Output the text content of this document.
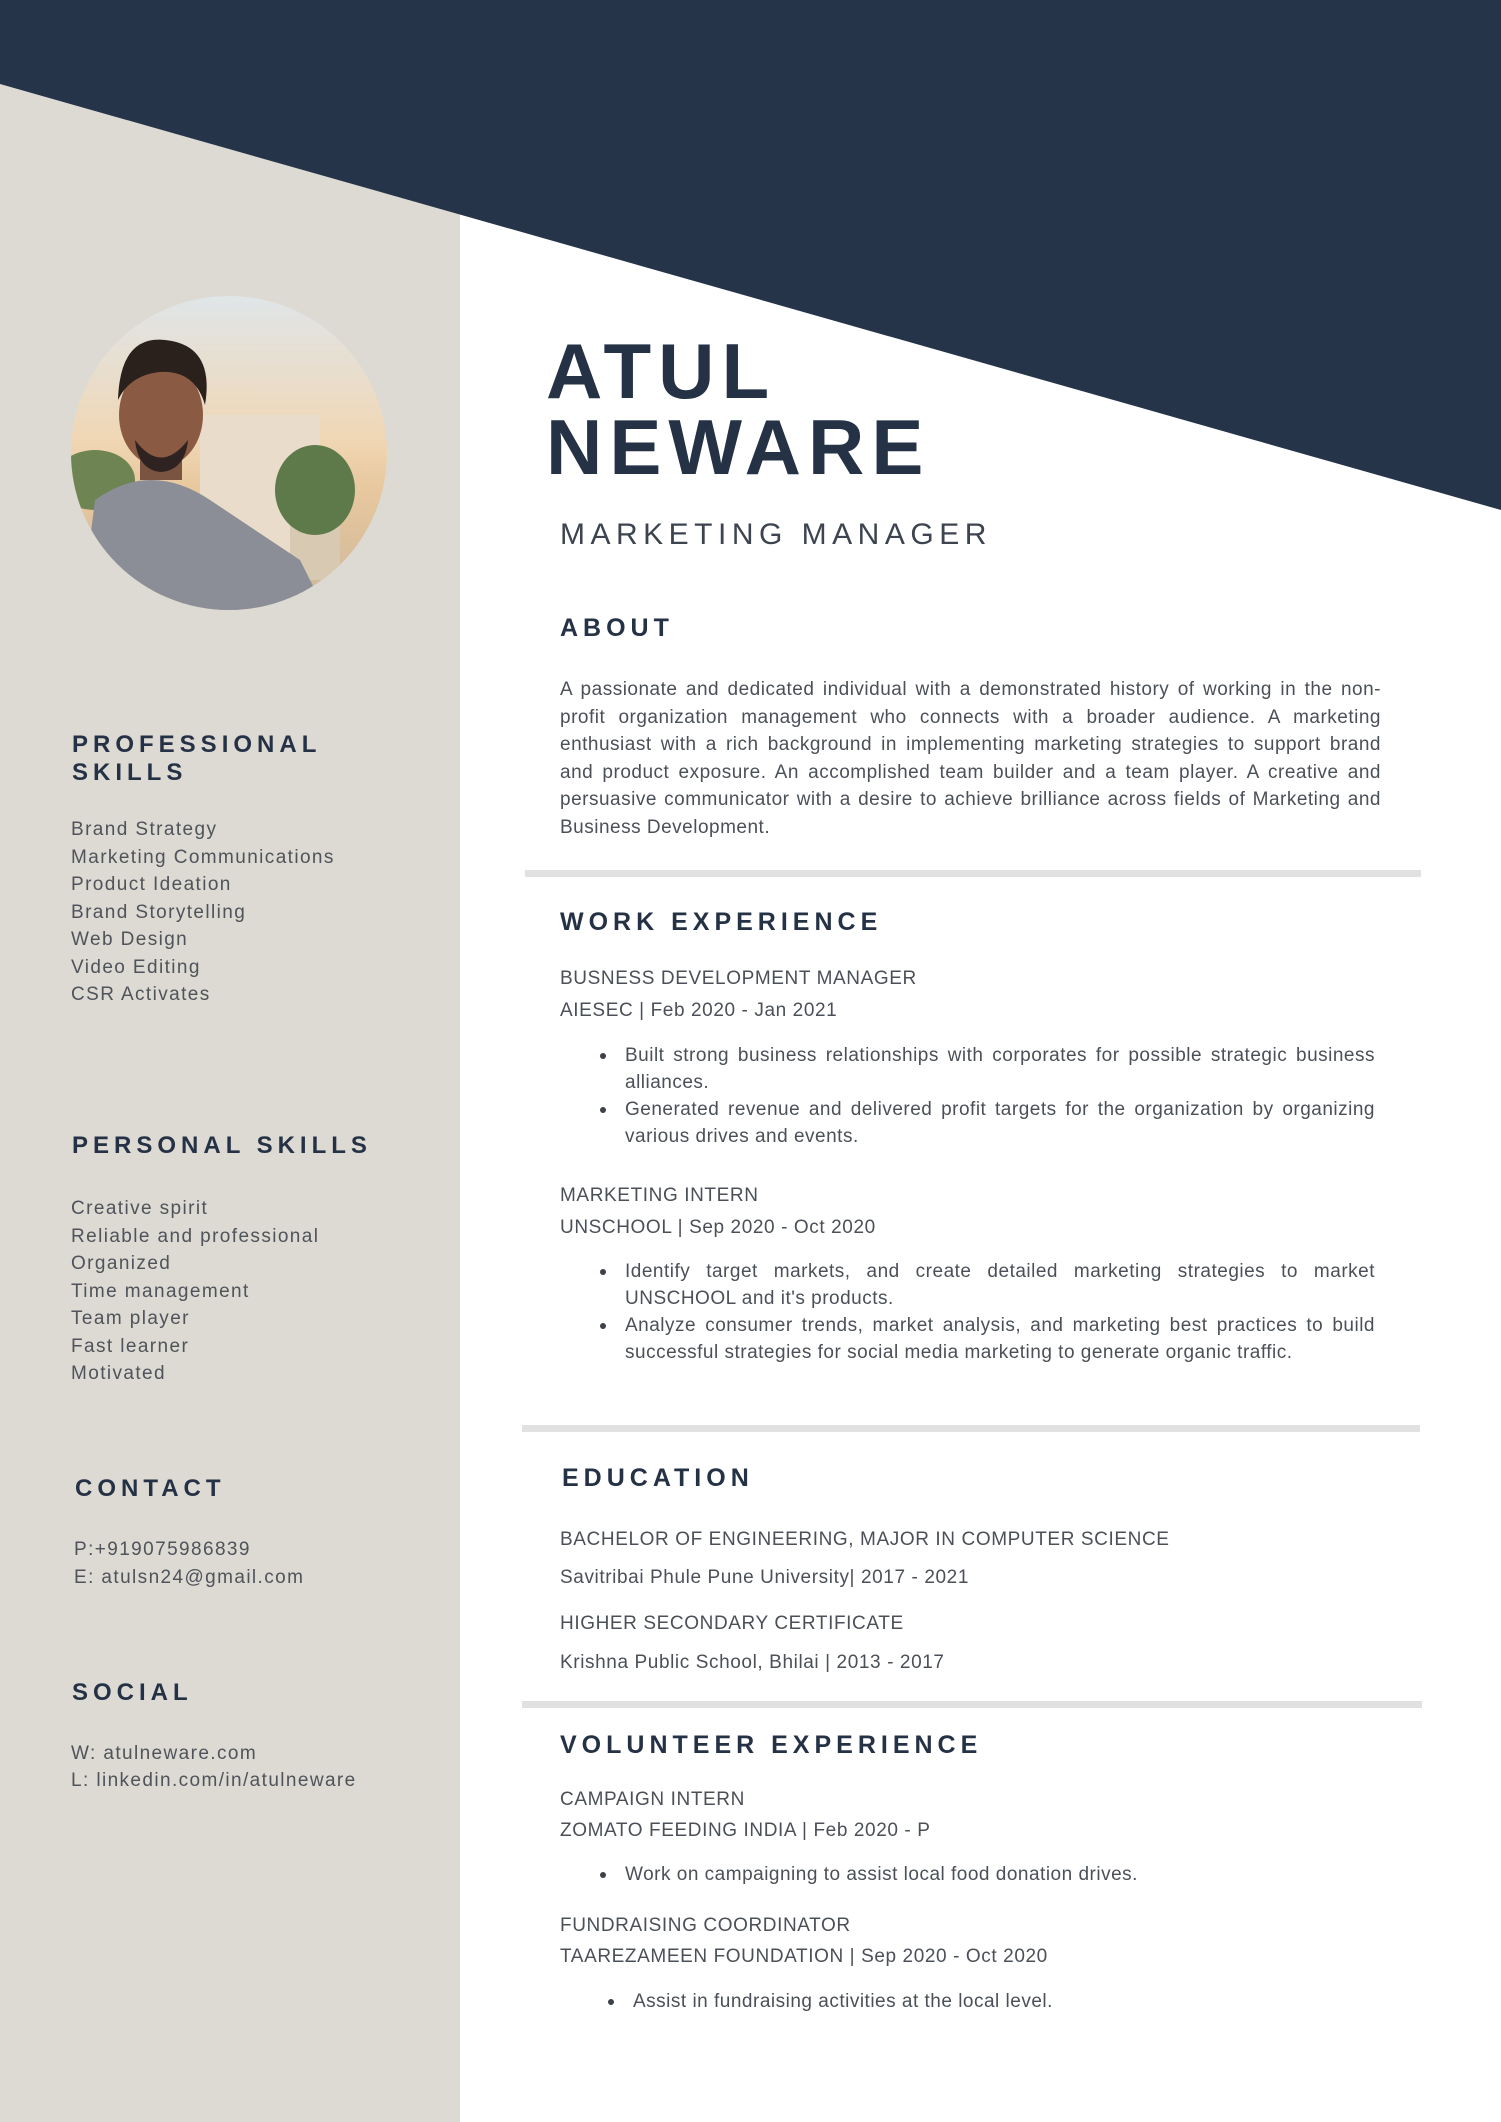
ATUL
NEWARE
MARKETING MANAGER
PROFESSIONAL
SKILLS
Brand Strategy
Marketing Communications
Product Ideation
Brand Storytelling
Web Design
Video Editing
CSR Activates
PERSONAL SKILLS
Creative spirit
Reliable and professional
Organized
Time management
Team player
Fast learner
Motivated
CONTACT
P:+919075986839
E: atulsn24@gmail.com
SOCIAL
W: atulneware.com
L: linkedin.com/in/atulneware
ABOUT
A passionate and dedicated individual with a demonstrated history of working in the non-profit organization management who connects with a broader audience. A marketing enthusiast with a rich background in implementing marketing strategies to support brand and product exposure. An accomplished team builder and a team player. A creative and persuasive communicator with a desire to achieve brilliance across fields of Marketing and Business Development.
WORK EXPERIENCE
BUSNESS DEVELOPMENT MANAGER
AIESEC | Feb 2020 - Jan 2021
Built strong business relationships with corporates for possible strategic business alliances.
Generated revenue and delivered profit targets for the organization by organizing various drives and events.
MARKETING INTERN
UNSCHOOL | Sep 2020 - Oct 2020
Identify target markets, and create detailed marketing strategies to market UNSCHOOL and it's products.
Analyze consumer trends, market analysis, and marketing best practices to build successful strategies for social media marketing to generate organic traffic.
EDUCATION
BACHELOR OF ENGINEERING, MAJOR IN COMPUTER SCIENCE
Savitribai Phule Pune University| 2017 - 2021
HIGHER SECONDARY CERTIFICATE
Krishna Public School, Bhilai | 2013 - 2017
VOLUNTEER EXPERIENCE
CAMPAIGN INTERN
ZOMATO FEEDING INDIA | Feb 2020 - P
Work on campaigning to assist local food donation drives.
FUNDRAISING COORDINATOR
TAAREZAMEEN FOUNDATION | Sep 2020 - Oct 2020
Assist in fundraising activities at the local level.
